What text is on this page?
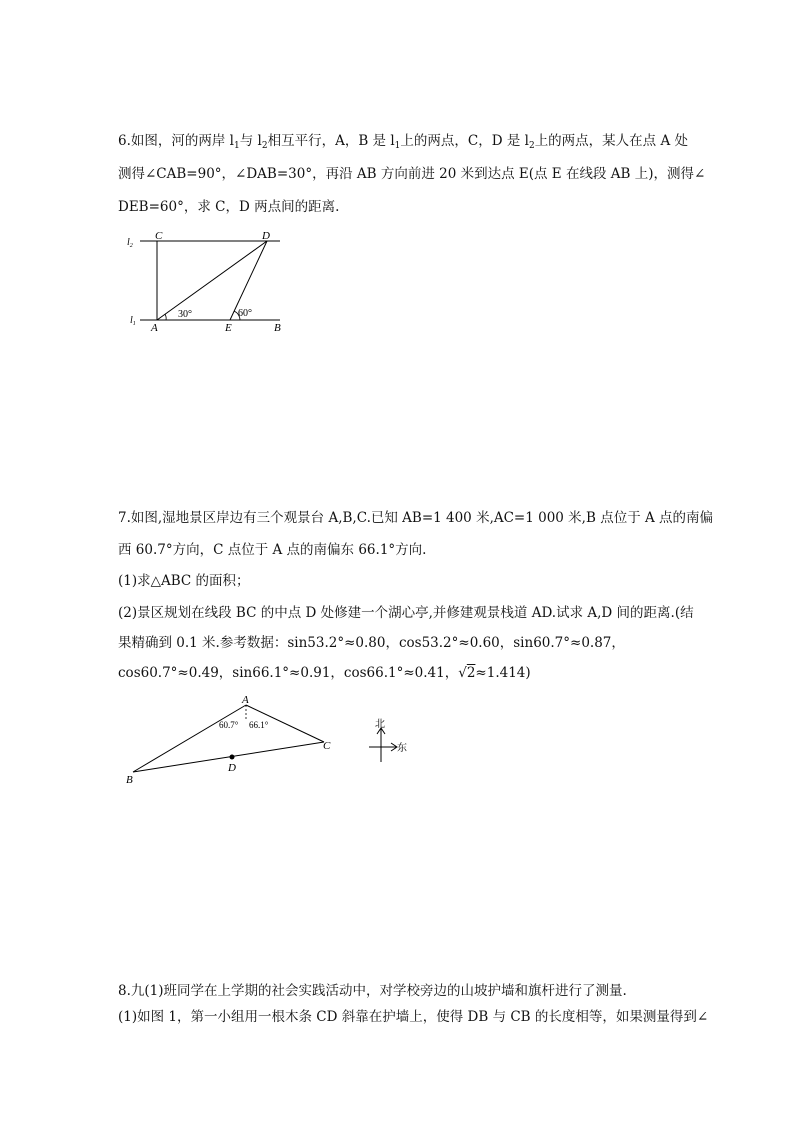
6.如图，河的两岸 $l_1$与 $l_2$相互平行，A，B 是 $l_1$上的两点，C，D 是 $l_2$上的两点，某人在点 A 处
测得∠CAB=90°，∠DAB=30°，再沿 AB 方向前进 20 米到达点 E(点 E 在线段 AB 上)，测得∠
DEB=60°，求 C，D 两点间的距离.
$l_2$
$l_1$
C	D
A	E	B
30°	60°
7.如图,湿地景区岸边有三个观景台 A,B,C.已知 AB=1 400 米,AC=1 000 米,B 点位于 A 点的南偏
西 60.7°方向，C 点位于 A 点的南偏东 66.1°方向.
(1)求△ABC 的面积；
(2)景区规划在线段 BC 的中点 D 处修建一个湖心亭,并修建观景栈道 AD.试求 A,D 间的距离.(结
果精确到 0.1 米.参考数据：sin53.2°≈0.80，cos53.2°≈0.60，sin60.7°≈0.87，
cos60.7°≈0.49，sin66.1°≈0.91，cos66.1°≈0.41，√2≈1.414)
A
B
C
D
60.7° 66.1°	北
东
8.九(1)班同学在上学期的社会实践活动中，对学校旁边的山坡护墙和旗杆进行了测量.
(1)如图 1，第一小组用一根木条 CD 斜靠在护墙上，使得 DB 与 CB 的长度相等，如果测量得到∠
